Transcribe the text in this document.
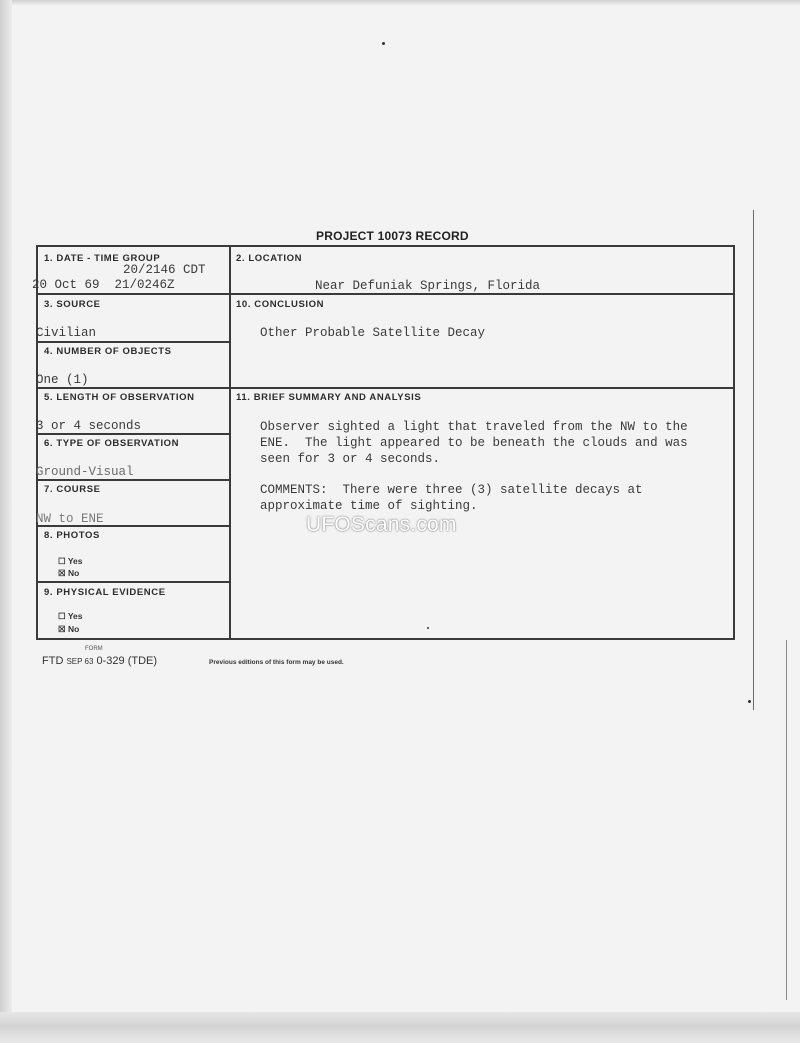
PROJECT 10073 RECORD
1. DATE - TIME GROUP
20/2146 CDT
20 Oct 69  21/0246Z
2. LOCATION
Near Defuniak Springs, Florida
3. SOURCE
Civilian
10. CONCLUSION
Other Probable Satellite Decay
4. NUMBER OF OBJECTS
One (1)
5. LENGTH OF OBSERVATION
3 or 4 seconds
11. BRIEF SUMMARY AND ANALYSIS
Observer sighted a light that traveled from the NW to the
ENE.  The light appeared to be beneath the clouds and was
seen for 3 or 4 seconds.
COMMENTS:  There were three (3) satellite decays at
approximate time of sighting.
6. TYPE OF OBSERVATION
Ground-Visual
7. COURSE
NW to ENE
8. PHOTOS
☐ Yes
☒ No
9. PHYSICAL EVIDENCE
☐ Yes
☒ No
FORM
FTD SEP 63 0-329 (TDE)	Previous editions of this form may be used.
UFOScans.com
